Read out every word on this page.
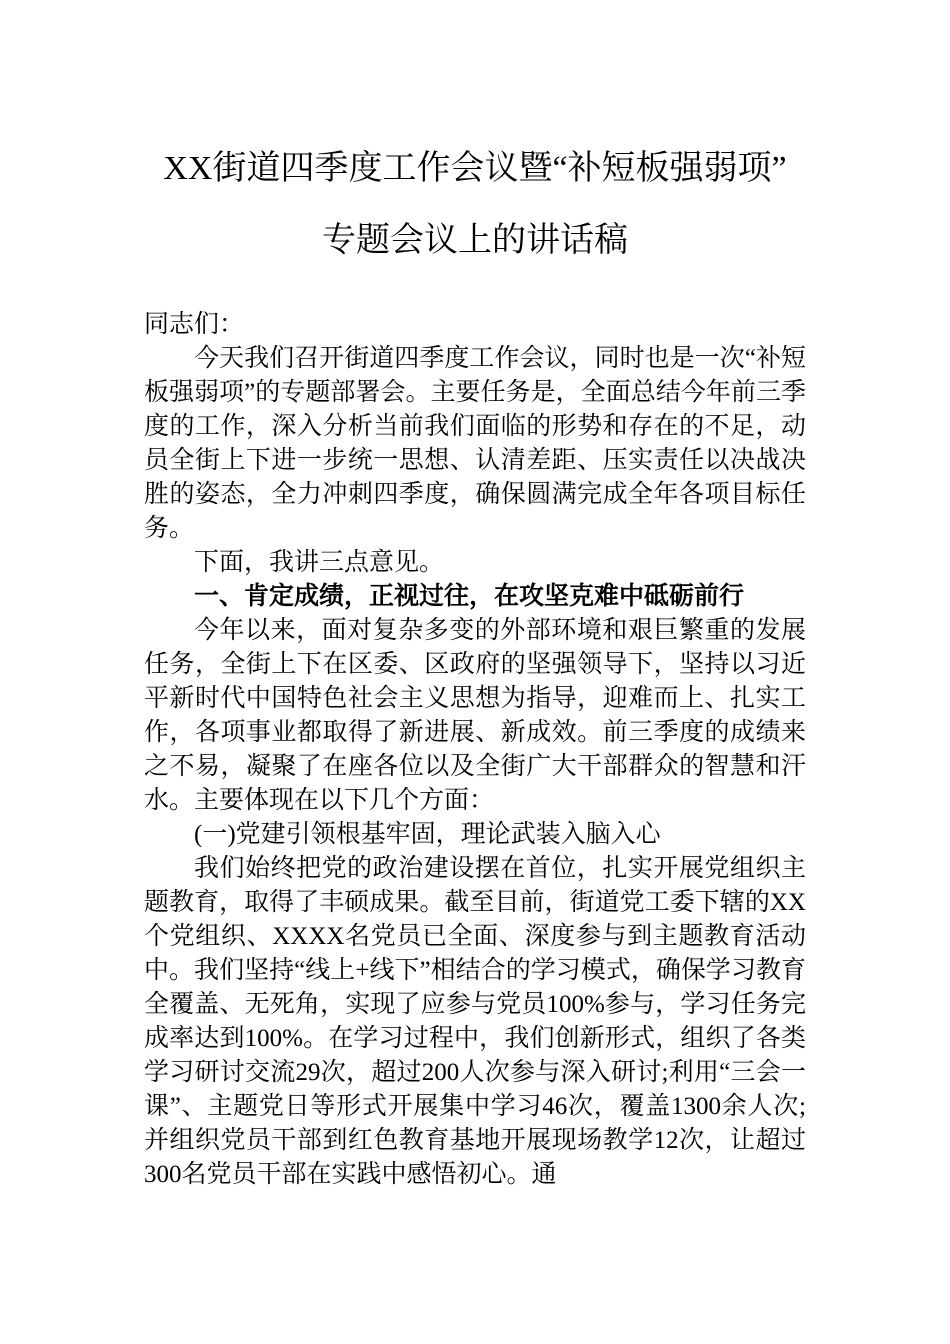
XX街道四季度工作会议暨“补短板强弱项”
专题会议上的讲话稿

同志们：

今天我们召开街道四季度工作会议，同时也是一次“补短板强弱项”的专题部署会。主要任务是，全面总结今年前三季度的工作，深入分析当前我们面临的形势和存在的不足，动员全街上下进一步统一思想、认清差距、压实责任以决战决胜的姿态，全力冲刺四季度，确保圆满完成全年各项目标任务。

下面，我讲三点意见。

一、肯定成绩，正视过往，在攻坚克难中砥砺前行

今年以来，面对复杂多变的外部环境和艰巨繁重的发展任务，全街上下在区委、区政府的坚强领导下，坚持以习近平新时代中国特色社会主义思想为指导，迎难而上、扎实工作，各项事业都取得了新进展、新成效。前三季度的成绩来之不易，凝聚了在座各位以及全街广大干部群众的智慧和汗水。主要体现在以下几个方面：

(一)党建引领根基牢固，理论武装入脑入心

我们始终把党的政治建设摆在首位，扎实开展党组织主题教育，取得了丰硕成果。截至目前，街道党工委下辖的XX个党组织、XXXX名党员已全面、深度参与到主题教育活动中。我们坚持“线上+线下”相结合的学习模式，确保学习教育全覆盖、无死角，实现了应参与党员100%参与，学习任务完成率达到100%。在学习过程中，我们创新形式，组织了各类学习研讨交流29次，超过200人次参与深入研讨;利用“三会一课”、主题党日等形式开展集中学习46次，覆盖1300余人次;并组织党员干部到红色教育基地开展现场教学12次，让超过300名党员干部在实践中感悟初心。通
